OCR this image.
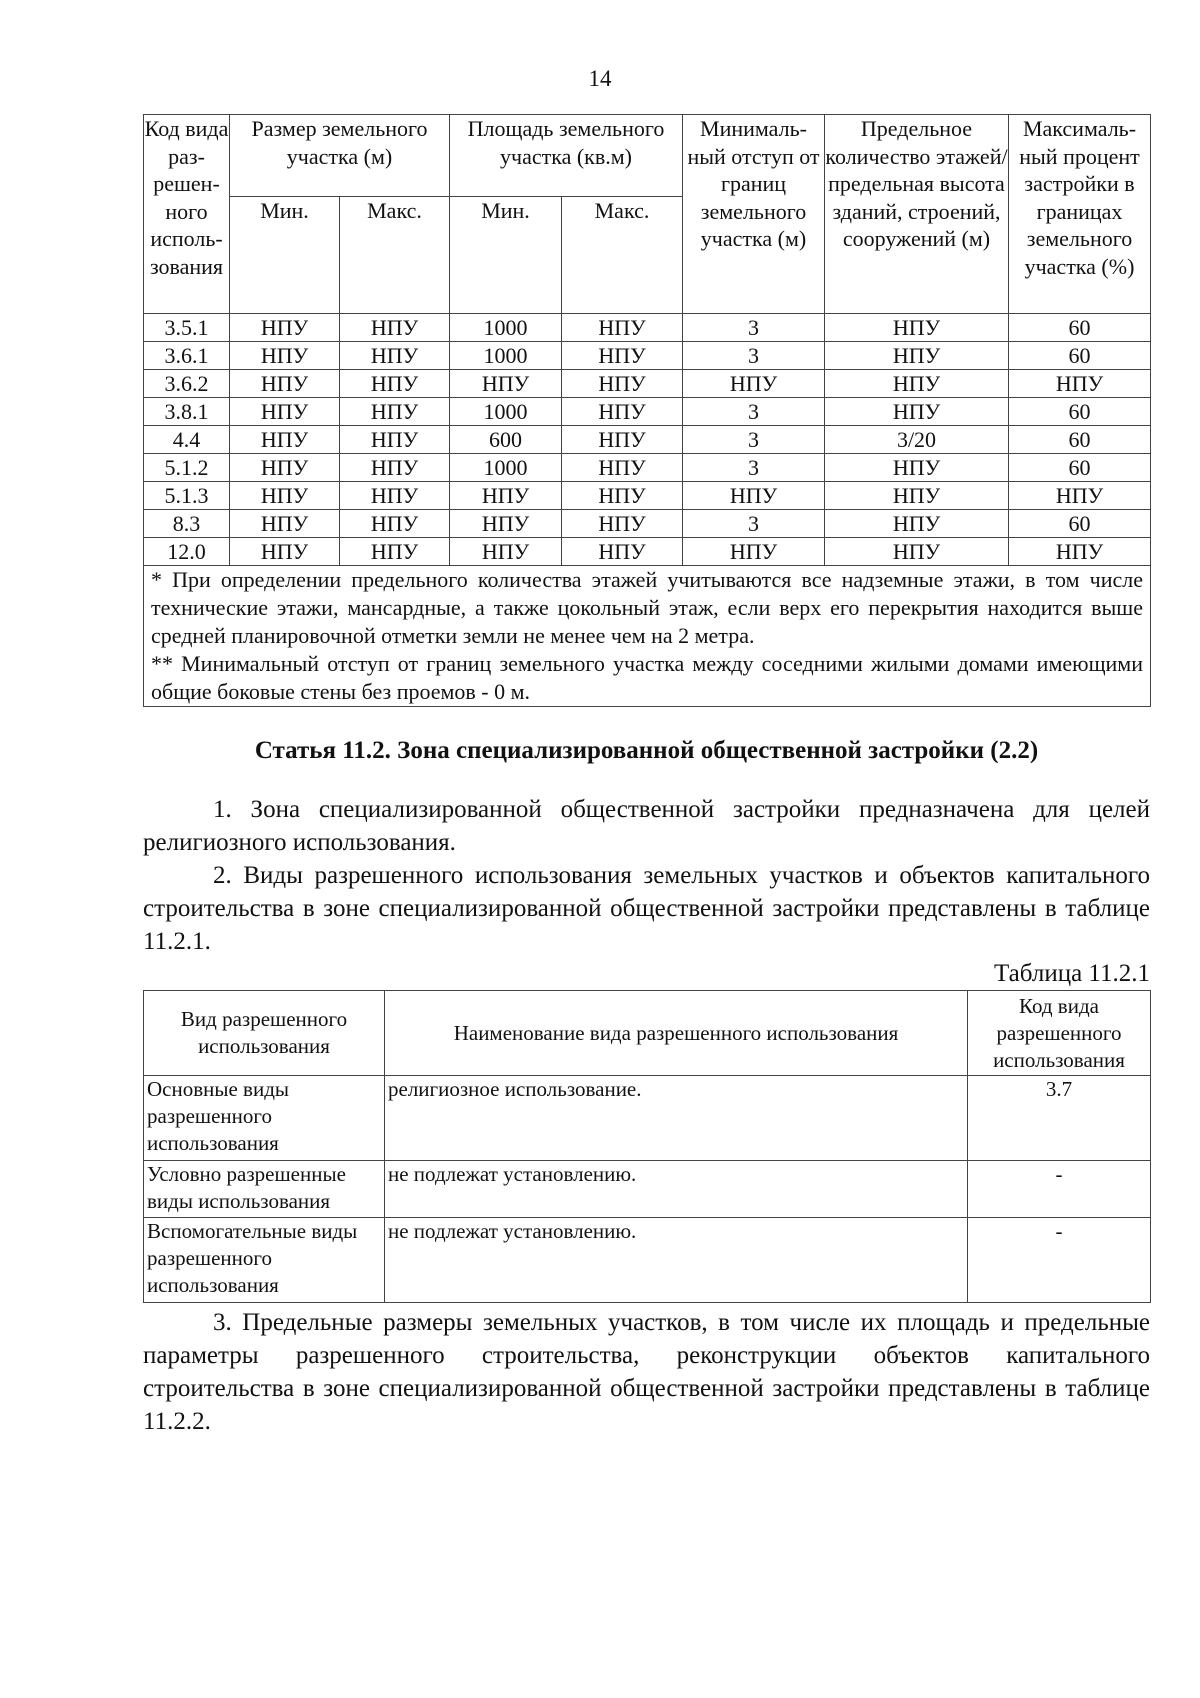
14
Код вида раз-решен-ного исполь-зования	Размер земельного участка (м)		Площадь земельного участка (кв.м)		Минималь-ный отступ от границ земельного участка (м)	Предельное количество этажей/ предельная высота зданий, строений, сооружений (м)	Максималь-ный процент застройки в границах земельного участка (%)
	Мин.	Макс.	Мин.	Макс.			
3.5.1	НПУ	НПУ	1000	НПУ	3	НПУ	60
3.6.1	НПУ	НПУ	1000	НПУ	3	НПУ	60
3.6.2	НПУ	НПУ	НПУ	НПУ	НПУ	НПУ	НПУ
3.8.1	НПУ	НПУ	1000	НПУ	3	НПУ	60
4.4	НПУ	НПУ	600	НПУ	3	3/20	60
5.1.2	НПУ	НПУ	1000	НПУ	3	НПУ	60
5.1.3	НПУ	НПУ	НПУ	НПУ	НПУ	НПУ	НПУ
8.3	НПУ	НПУ	НПУ	НПУ	3	НПУ	60
12.0	НПУ	НПУ	НПУ	НПУ	НПУ	НПУ	НПУ

* При определении предельного количества этажей учитываются все надземные этажи, в том числе технические этажи, мансардные, а также цокольный этаж, если верх его перекрытия находится выше средней планировочной отметки земли не менее чем на 2 метра.
** Минимальный отступ от границ земельного участка между соседними жилыми домами имеющими общие боковые стены без проемов - 0 м.							
Статья 11.2. Зона специализированной общественной застройки (2.2)
1. Зона специализированной общественной застройки предназначена для целей религиозного использования.
2. Виды разрешенного использования земельных участков и объектов капитального строительства в зоне специализированной общественной застройки представлены в таблице 11.2.1.
Таблица 11.2.1
Вид разрешенного использования	Наименование вида разрешенного использования	Код вида разрешенного использования
Основные виды разрешенного использования	религиозное использование.	3.7
Условно разрешенные виды использования	не подлежат установлению.	-
Вспомогательные виды разрешенного использования	не подлежат установлению.	-
3. Предельные размеры земельных участков, в том числе их площадь и предельные параметры разрешенного строительства, реконструкции объектов капитального строительства в зоне специализированной общественной застройки представлены в таблице 11.2.2.
